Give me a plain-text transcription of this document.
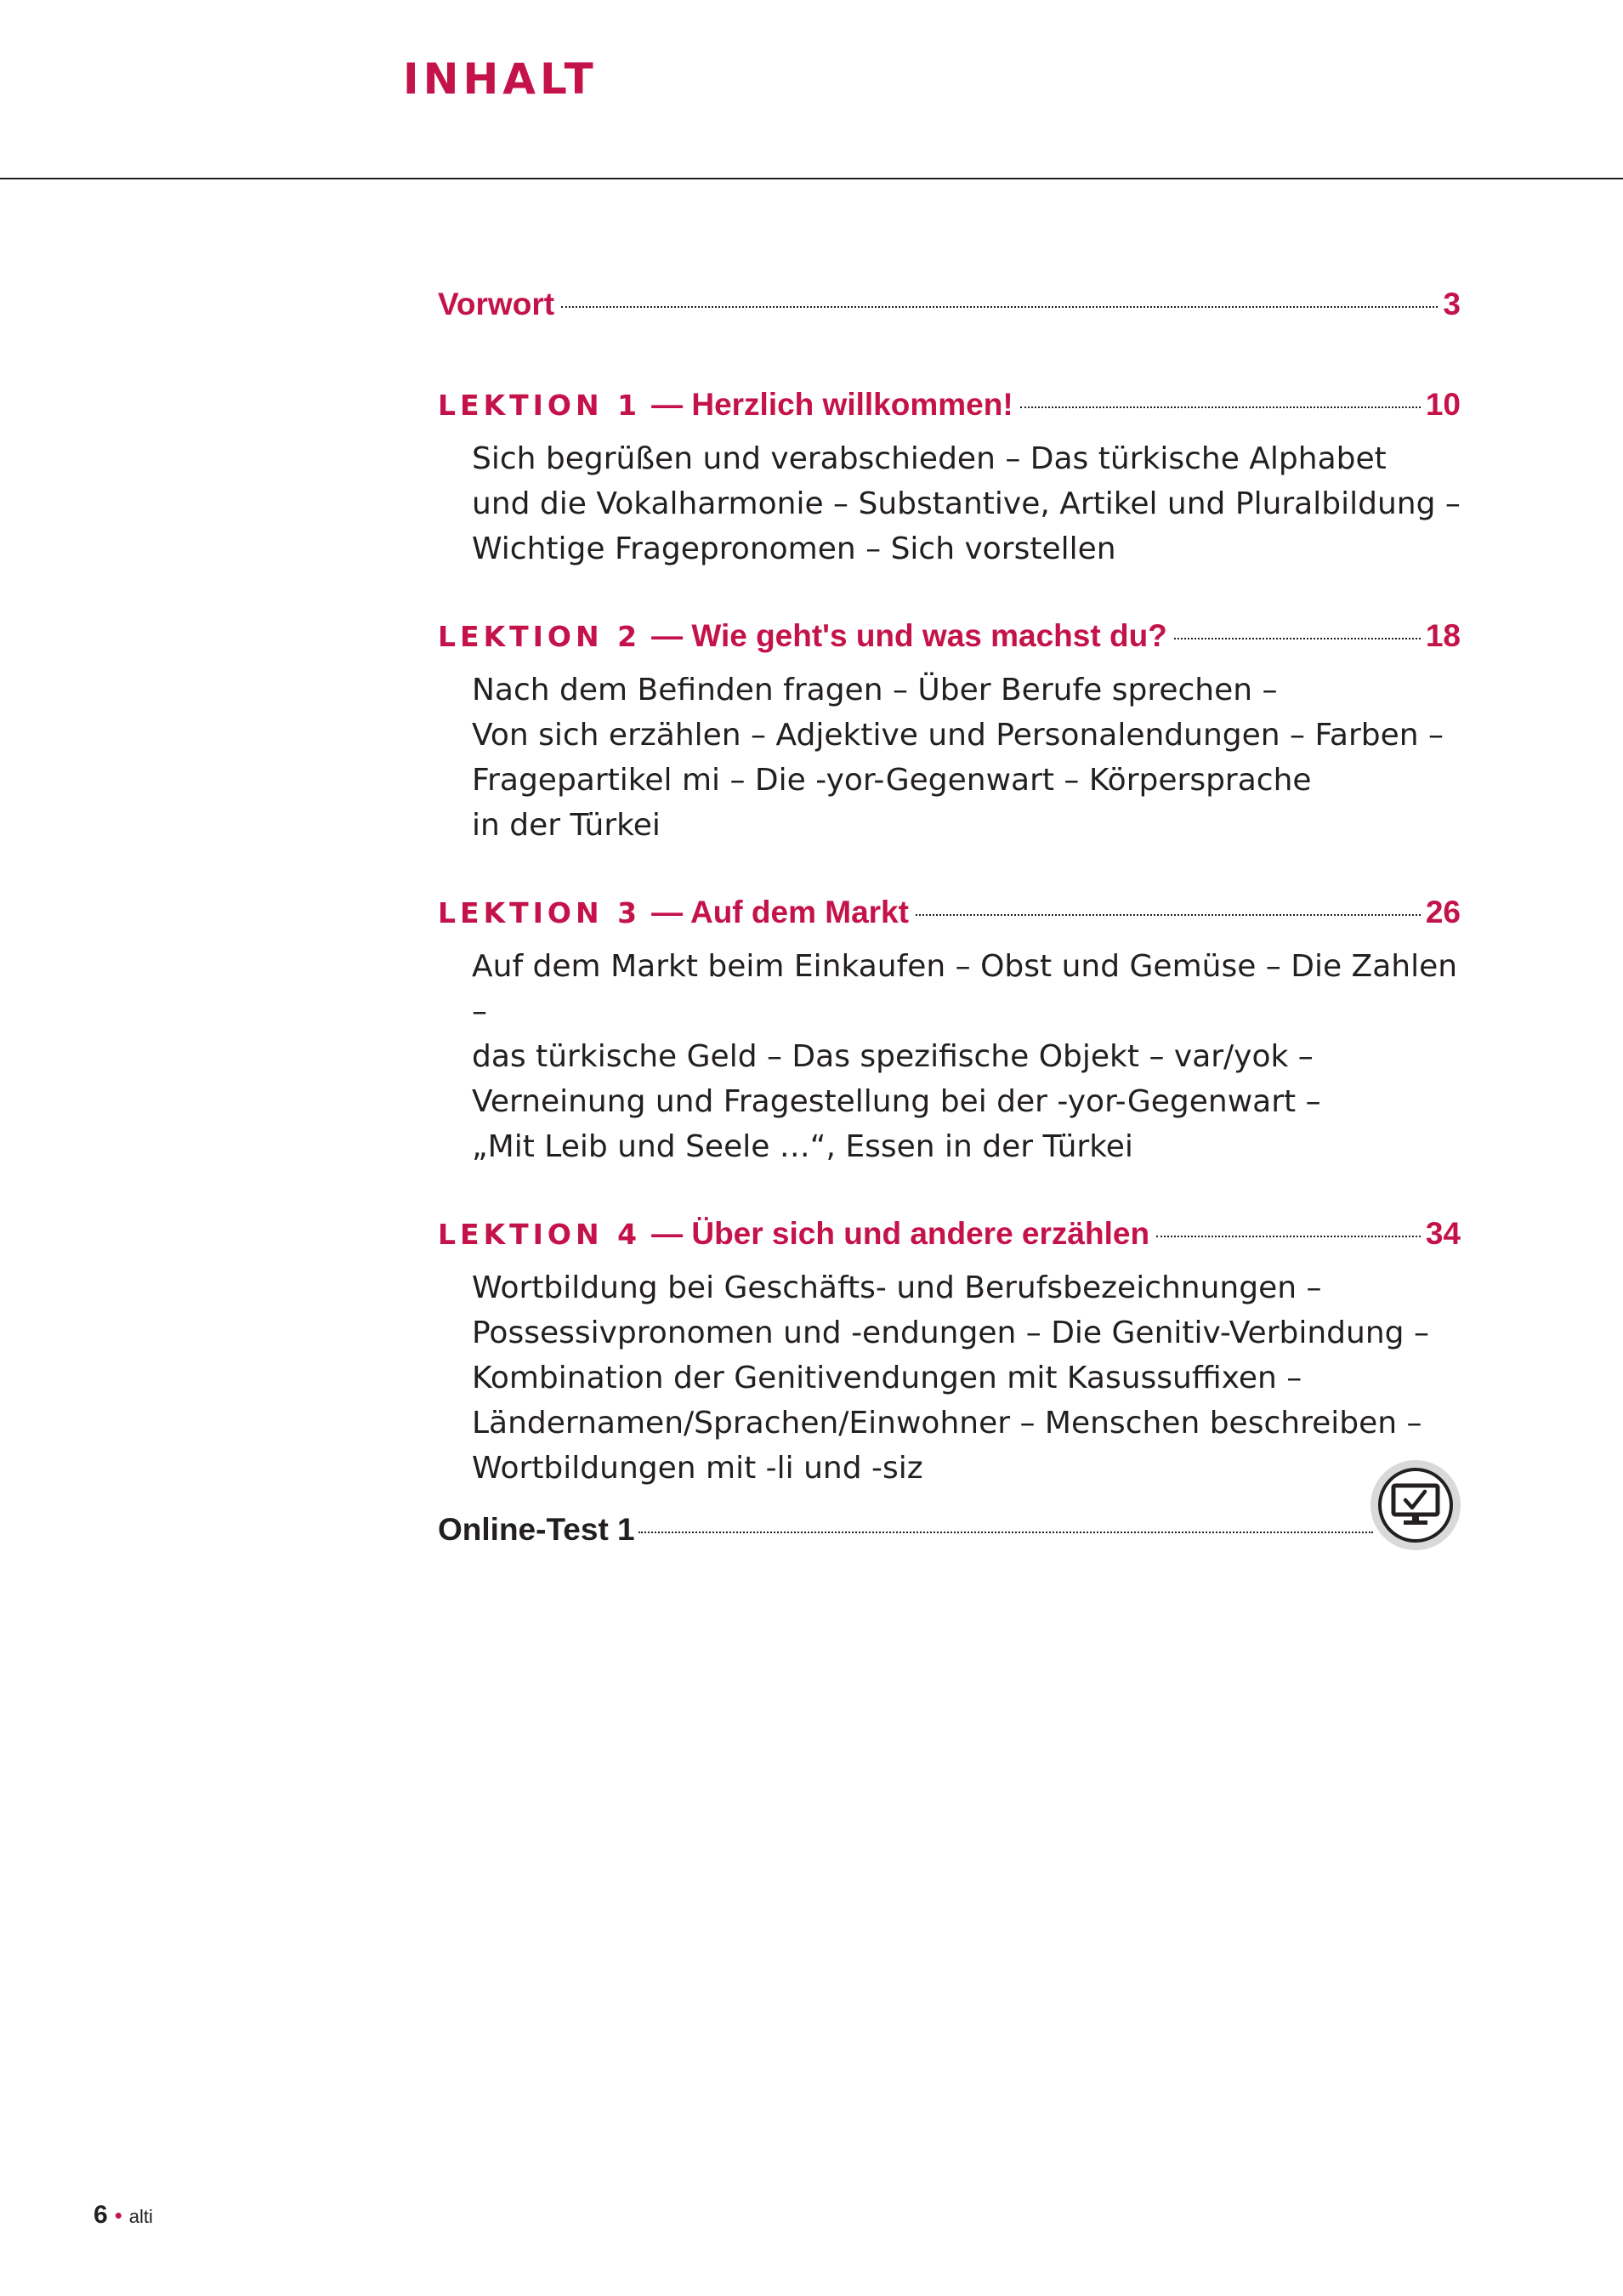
INHALT
Vorwort	3
LEKTION 1 — Herzlich willkommen!	10

Sich begrüßen und verabschieden – Das türkische Alphabet
und die Vokalharmonie – Substantive, Artikel und Pluralbildung –
Wichtige Fragepronomen – Sich vorstellen

LEKTION 2 — Wie geht's und was machst du?	18

Nach dem Befinden fragen – Über Berufe sprechen –
Von sich erzählen – Adjektive und Personalendungen – Farben –
Fragepartikel mi – Die -yor-Gegenwart – Körpersprache
in der Türkei

LEKTION 3 — Auf dem Markt	26

Auf dem Markt beim Einkaufen – Obst und Gemüse – Die Zahlen –
das türkische Geld – Das spezifische Objekt – var/yok –
Verneinung und Fragestellung bei der -yor-Gegenwart –
„Mit Leib und Seele …“, Essen in der Türkei

LEKTION 4 — Über sich und andere erzählen	34

Wortbildung bei Geschäfts- und Berufsbezeichnungen –
Possessivpronomen und -endungen – Die Genitiv-Verbindung –
Kombination der Genitivendungen mit Kasussuffixen –
Ländernamen/Sprachen/Einwohner – Menschen beschreiben –
Wortbildungen mit -li und -siz

Online-Test 1
6 • alti
